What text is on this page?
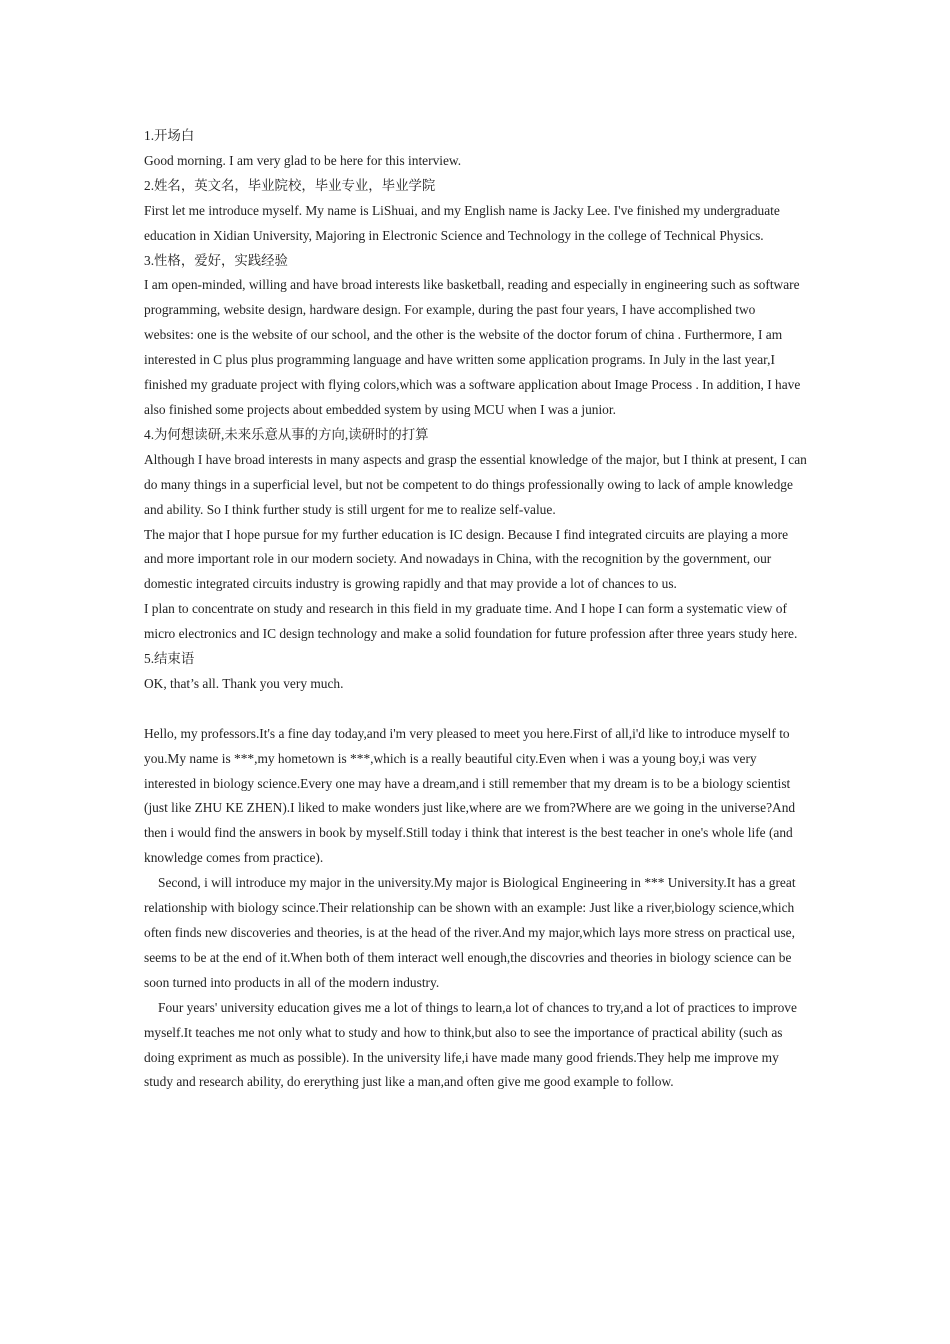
1.开场白

Good morning. I am very glad to be here for this interview.

2.姓名，英文名，毕业院校，毕业专业，毕业学院

First let me introduce myself. My name is LiShuai, and my English name is Jacky Lee. I've finished my undergraduate education in Xidian University, Majoring in Electronic Science and Technology in the college of Technical Physics.

3.性格，爱好，实践经验

I am open-minded, willing and have broad interests like basketball, reading and especially in engineering such as software programming, website design, hardware design. For example, during the past four years, I have accomplished two websites: one is the website of our school, and the other is the website of the doctor forum of china . Furthermore, I am interested in C plus plus programming language and have written some application programs. In July in the last year,I finished my graduate project with flying colors,which was a software application about Image Process . In addition, I have also finished some projects about embedded system by using MCU when I was a junior.

4.为何想读研,未来乐意从事的方向,读研时的打算

Although I have broad interests in many aspects and grasp the essential knowledge of the major, but I think at present, I can do many things in a superficial level, but not be competent to do things professionally owing to lack of ample knowledge and ability. So I think further study is still urgent for me to realize self-value.

The major that I hope pursue for my further education is IC design. Because I find integrated circuits are playing a more and more important role in our modern society. And nowadays in China, with the recognition by the government, our domestic integrated circuits industry is growing rapidly and that may provide a lot of chances to us.

I plan to concentrate on study and research in this field in my graduate time. And I hope I can form a systematic view of micro electronics and IC design technology and make a solid foundation for future profession after three years study here.

5.结束语

OK, that’s all. Thank you very much.

Hello, my professors.It's a fine day today,and i'm very pleased to meet you here.First of all,i'd like to introduce myself to you.My name is ***,my hometown is ***,which is a really beautiful city.Even when i was a young boy,i was very interested in biology science.Every one may have a dream,and i still remember that my dream is to be a biology scientist (just like ZHU KE ZHEN).I liked to make wonders just like,where are we from?Where are we going in the universe?And then i would find the answers in book by myself.Still today i think that interest is the best teacher in one's whole life (and knowledge comes from practice).

Second, i will introduce my major in the university.My major is Biological Engineering in *** University.It has a great relationship with biology scince.Their relationship can be shown with an example: Just like a river,biology science,which often finds new discoveries and theories, is at the head of the river.And my major,which lays more stress on practical use, seems to be at the end of it.When both of them interact well enough,the discovries and theories in biology science can be soon turned into products in all of the modern industry.

Four years' university education gives me a lot of things to learn,a lot of chances to try,and a lot of practices to improve myself.It teaches me not only what to study and how to think,but also to see the importance of practical ability (such as doing expriment as much as possible). In the university life,i have made many good friends.They help me improve my study and research ability, do ererything just like a man,and often give me good example to follow.
